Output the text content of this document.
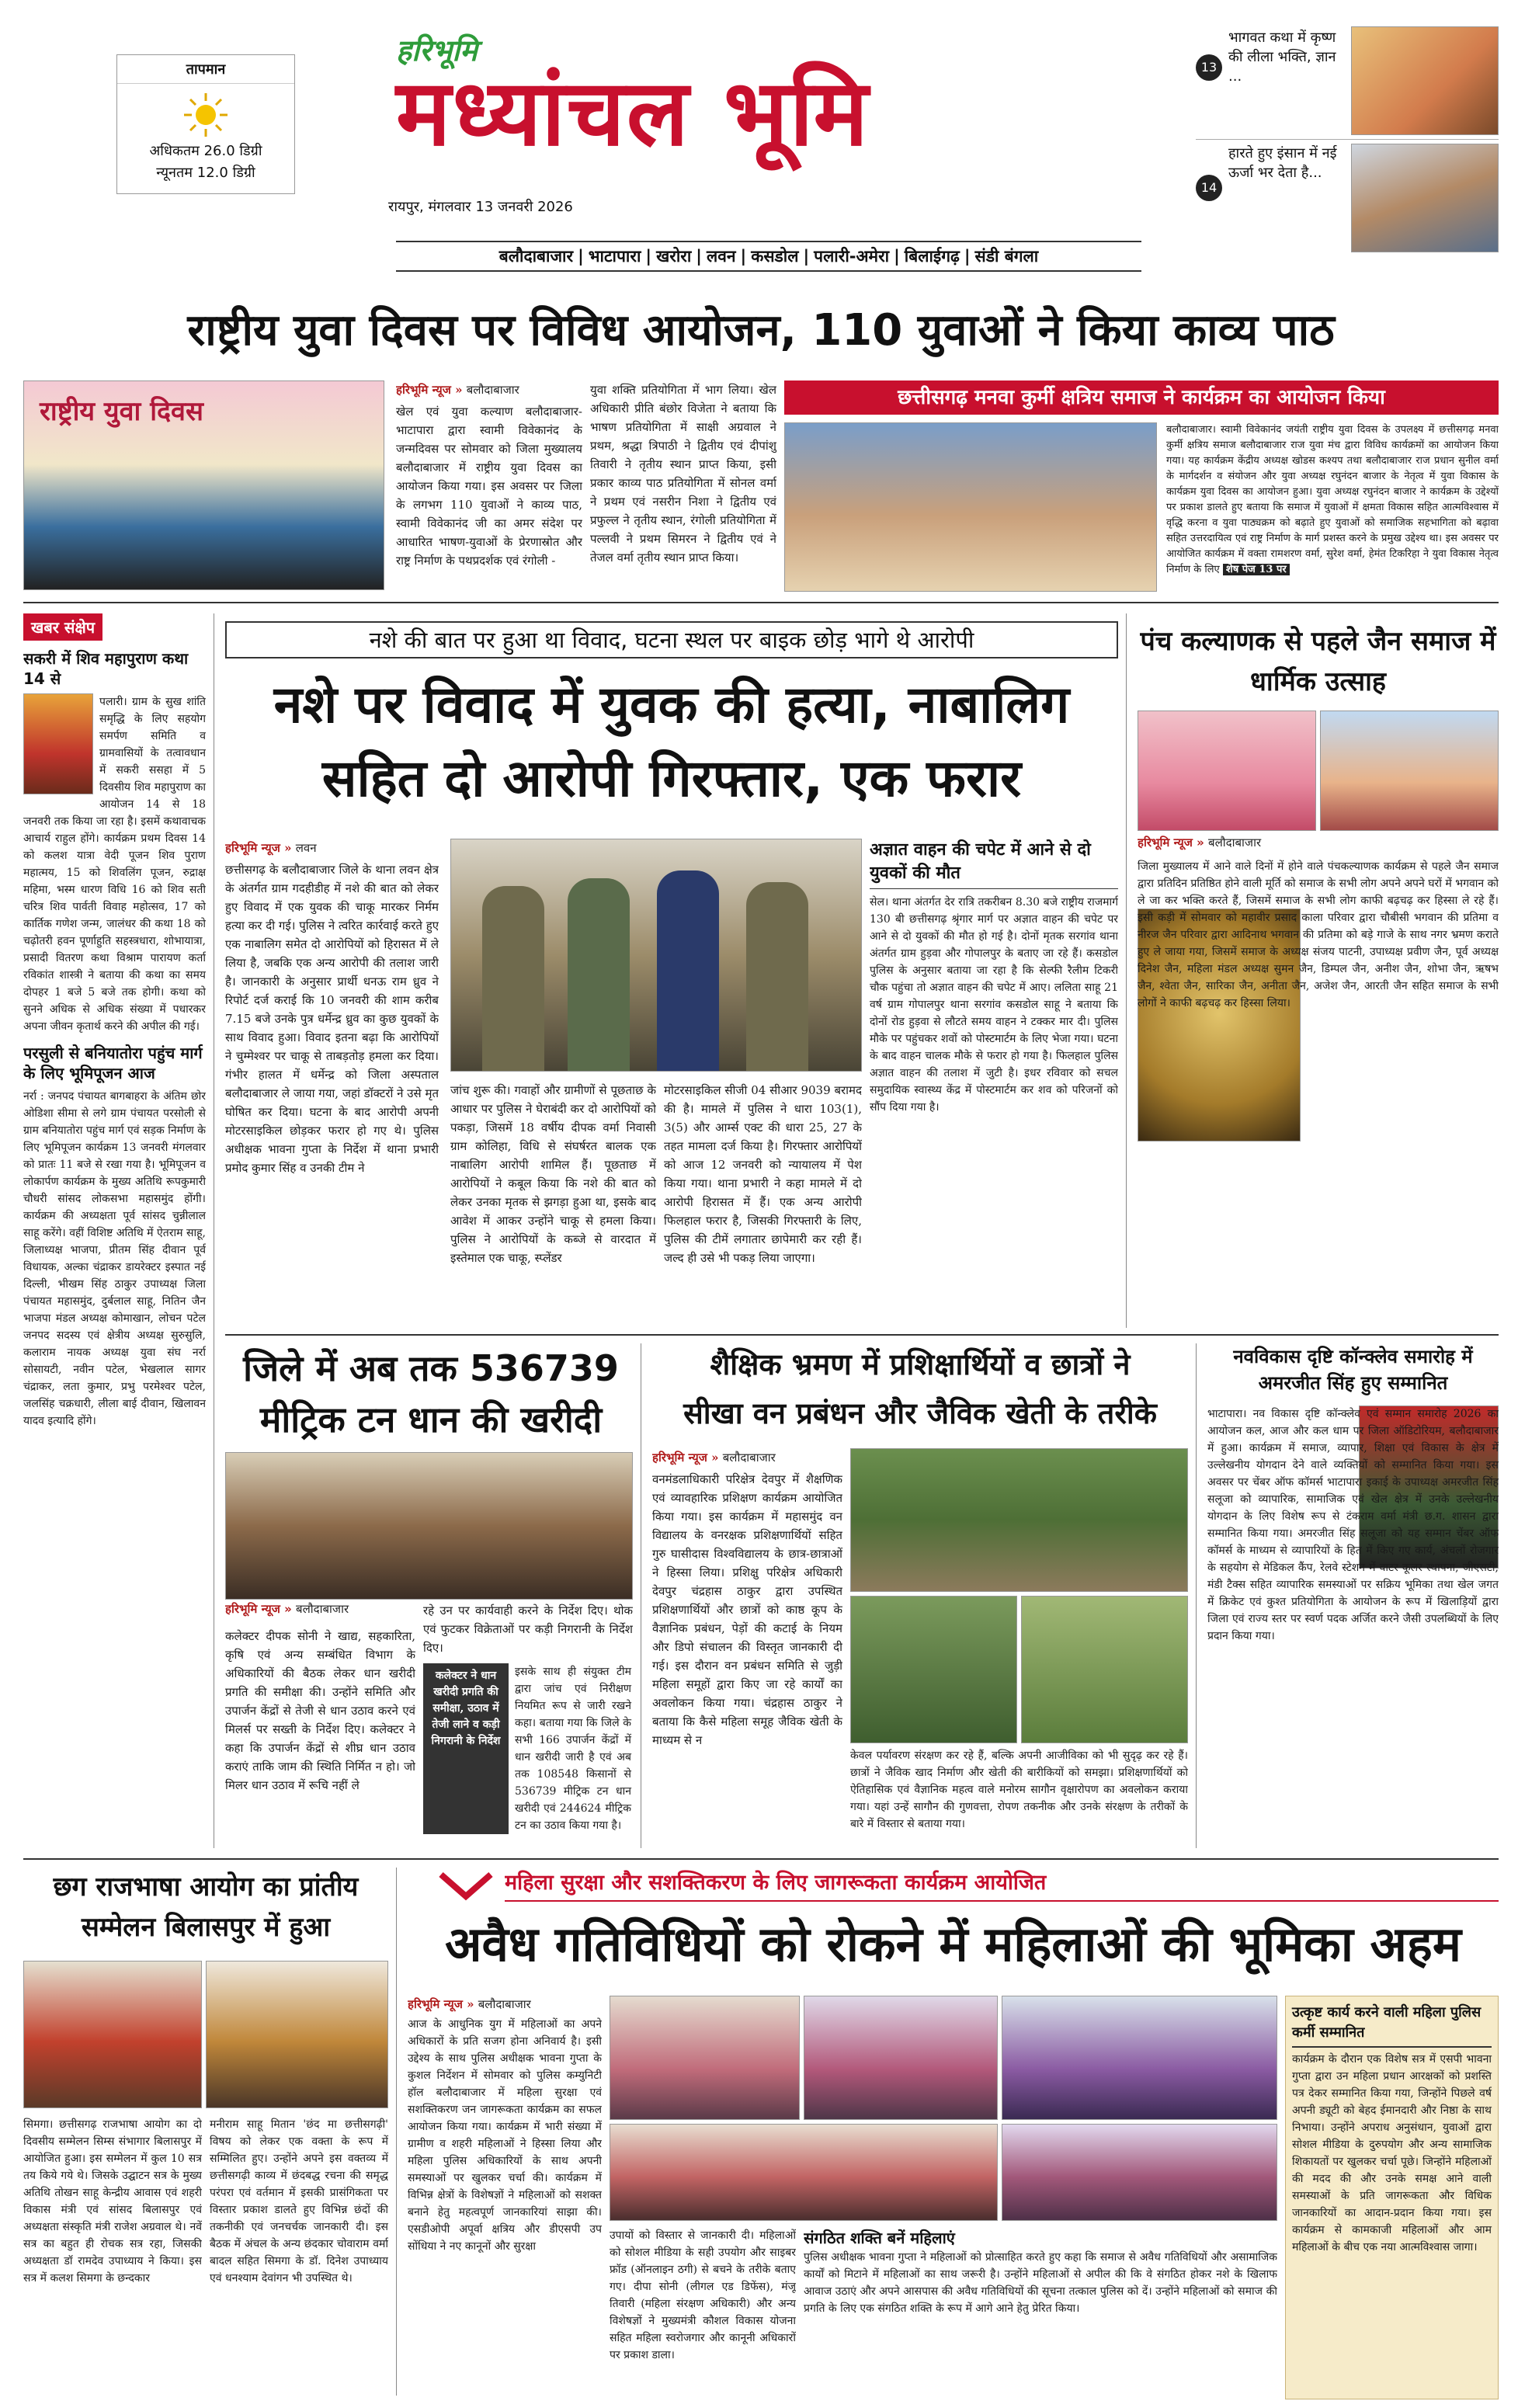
तापमान
अधिकतम 26.0 डिग्री
न्यूनतम 12.0 डिग्री
हरिभूमि
मध्यांचल भूमि
रायपुर, मंगलवार 13 जनवरी 2026
13
भागवत कथा में कृष्ण की लीला भक्ति, ज्ञान ...
14
हारते हुए इंसान में नई ऊर्जा भर देता है...
बलौदाबाजार | भाटापारा | खरोरा | लवन | कसडोल | पलारी-अमेरा | बिलाईगढ़ | संडी बंगला
राष्ट्रीय युवा दिवस पर विविध आयोजन, 110 युवाओं ने किया काव्य पाठ
राष्ट्रीय युवा दिवस
हरिभूमि न्यूज » बलौदाबाजार
खेल एवं युवा कल्याण बलौदाबाजार-भाटापारा द्वारा स्वामी विवेकानंद के जन्मदिवस पर सोमवार को जिला मुख्यालय बलौदाबाजार में राष्ट्रीय युवा दिवस का आयोजन किया गया। इस अवसर पर जिला के लगभग 110 युवाओं ने काव्य पाठ, स्वामी विवेकानंद जी का अमर संदेश पर आधारित भाषण-युवाओं के प्रेरणास्रोत और राष्ट्र निर्माण के पथप्रदर्शक एवं रंगोली -
युवा शक्ति प्रतियोगिता में भाग लिया। खेल अधिकारी प्रीति बंछोर विजेता ने बताया कि भाषण प्रतियोगिता में साक्षी अग्रवाल ने प्रथम, श्रद्धा त्रिपाठी ने द्वितीय एवं दीपांशु तिवारी ने तृतीय स्थान प्राप्त किया, इसी प्रकार काव्य पाठ प्रतियोगिता में सोनल वर्मा ने प्रथम एवं नसरीन निशा ने द्वितीय एवं प्रफुल्ल ने तृतीय स्थान, रंगोली प्रतियोगिता में पल्लवी ने प्रथम सिमरन ने द्वितीय एवं ने तेजल वर्मा तृतीय स्थान प्राप्त किया।
छत्तीसगढ़ मनवा कुर्मी क्षत्रिय समाज ने कार्यक्रम का आयोजन किया
बलौदाबाजार। स्वामी विवेकानंद जयंती राष्ट्रीय युवा दिवस के उपलक्ष्य में छत्तीसगढ़ मनवा कुर्मी क्षत्रिय समाज बलौदाबाजार राज युवा मंच द्वारा विविध कार्यक्रमों का आयोजन किया गया। यह कार्यक्रम केंद्रीय अध्यक्ष खोडस कश्यप तथा बलौदाबाजार राज प्रधान सुनील वर्मा के मार्गदर्शन व संयोजन और युवा अध्यक्ष रघुनंदन बाजार के नेतृत्व में युवा विकास के कार्यक्रम युवा दिवस का आयोजन हुआ। युवा अध्यक्ष रघुनंदन बाजार ने कार्यक्रम के उद्देश्यों पर प्रकाश डालते हुए बताया कि समाज में युवाओं में क्षमता विकास सहित आत्मविश्वास में वृद्धि करना व युवा पाठ्यक्रम को बढ़ाते हुए युवाओं को समाजिक सहभागिता को बढ़ावा सहित उत्तरदायित्व एवं राष्ट्र निर्माण के मार्ग प्रशस्त करने के प्रमुख उद्देश्य था। इस अवसर पर आयोजित कार्यक्रम में वक्ता रामशरण वर्मा, सुरेश वर्मा, हेमंत टिकरिहा ने युवा विकास नेतृत्व निर्माण के लिए शेष पेज 13 पर
खबर संक्षेप
सकरी में शिव महापुराण कथा 14 से
पलारी। ग्राम के सुख शांति समृद्धि के लिए सहयोग समर्पण समिति व ग्रामवासियों के तत्वावधान में सकरी ससहा में 5 दिवसीय शिव महापुराण का आयोजन 14 से 18 जनवरी तक किया जा रहा है। इसमें कथावाचक आचार्य राहुल होंगे। कार्यक्रम प्रथम दिवस 14 को कलश यात्रा वेदी पूजन शिव पुराण महात्मय, 15 को शिवलिंग पूजन, रुद्राक्ष महिमा, भस्म धारण विधि 16 को शिव सती चरित्र शिव पार्वती विवाह महोत्सव, 17 को कार्तिक गणेश जन्म, जालंधर की कथा 18 को चढ़ोतरी हवन पूर्णाहुति सहस्त्रधारा, शोभायात्रा, प्रसादी वितरण कथा विश्राम पारायण कर्ता रविकांत शास्त्री ने बताया की कथा का समय दोपहर 1 बजे 5 बजे तक होगी। कथा को सुनने अधिक से अधिक संख्या में पधारकर अपना जीवन कृतार्थ करने की अपील की गई।
परसुली से बनियातोरा पहुंच मार्ग के लिए भूमिपूजन आज
नर्रा : जनपद पंचायत बागबाहरा के अंतिम छोर ओडिशा सीमा से लगे ग्राम पंचायत परसोली से ग्राम बनियातोरा पहुंच मार्ग एवं सड़क निर्माण के लिए भूमिपूजन कार्यक्रम 13 जनवरी मंगलवार को प्रातः 11 बजे से रखा गया है। भूमिपूजन व लोकार्पण कार्यक्रम के मुख्य अतिथि रूपकुमारी चौधरी सांसद लोकसभा महासमुंद होंगी। कार्यक्रम की अध्यक्षता पूर्व सांसद चुन्नीलाल साहू करेंगे। वहीं विशिष्ट अतिथि में ऐतराम साहू, जिलाध्यक्ष भाजपा, प्रीतम सिंह दीवान पूर्व विधायक, अल्का चंद्राकर डायरेक्टर इस्पात नई दिल्ली, भीखम सिंह ठाकुर उपाध्यक्ष जिला पंचायत महासमुंद, दुर्बलाल साहू, नितिन जैन भाजपा मंडल अध्यक्ष कोमाखान, लोचन पटेल जनपद सदस्य एवं क्षेत्रीय अध्यक्ष सुरुसुलि, कलाराम नायक अध्यक्ष युवा संघ नर्रा सोसायटी, नवीन पटेल, भेखलाल सागर चंद्राकर, लता कुमार, प्रभु परमेश्वर पटेल, जलसिंह चक्रधारी, लीला बाई दीवान, खिलावन यादव इत्यादि होंगे।
नशे की बात पर हुआ था विवाद, घटना स्थल पर बाइक छोड़ भागे थे आरोपी
नशे पर विवाद में युवक की हत्या, नाबालिग
सहित दो आरोपी गिरफ्तार, एक फरार
हरिभूमि न्यूज » लवन
छत्तीसगढ़ के बलौदाबाजार जिले के थाना लवन क्षेत्र के अंतर्गत ग्राम गदहीडीह में नशे की बात को लेकर हुए विवाद में एक युवक की चाकू मारकर निर्मम हत्या कर दी गई। पुलिस ने त्वरित कार्रवाई करते हुए एक नाबालिग समेत दो आरोपियों को हिरासत में ले लिया है, जबकि एक अन्य आरोपी की तलाश जारी है। जानकारी के अनुसार प्रार्थी धनऊ राम ध्रुव ने रिपोर्ट दर्ज कराई कि 10 जनवरी की शाम करीब 7.15 बजे उनके पुत्र धर्मेन्द्र ध्रुव का कुछ युवकों के साथ विवाद हुआ। विवाद इतना बढ़ा कि आरोपियों ने चुम्मेश्वर पर चाकू से ताबड़तोड़ हमला कर दिया। गंभीर हालत में धर्मेन्द्र को जिला अस्पताल बलौदाबाजार ले जाया गया, जहां डॉक्टरों ने उसे मृत घोषित कर दिया। घटना के बाद आरोपी अपनी मोटरसाइकिल छोड़कर फरार हो गए थे। पुलिस अधीक्षक भावना गुप्ता के निर्देश में थाना प्रभारी प्रमोद कुमार सिंह व उनकी टीम ने
जांच शुरू की। गवाहों और ग्रामीणों से पूछताछ के आधार पर पुलिस ने घेराबंदी कर दो आरोपियों को पकड़ा, जिसमें 18 वर्षीय दीपक वर्मा निवासी ग्राम कोलिहा, विधि से संघर्षरत बालक एक नाबालिग आरोपी शामिल हैं। पूछताछ में आरोपियों ने कबूल किया कि नशे की बात को लेकर उनका मृतक से झगड़ा हुआ था, इसके बाद आवेश में आकर उन्होंने चाकू से हमला किया। पुलिस ने आरोपियों के कब्जे से वारदात में इस्तेमाल एक चाकू, स्प्लेंडर
मोटरसाइकिल सीजी 04 सीआर 9039 बरामद की है। मामले में पुलिस ने धारा 103(1), 3(5) और आर्म्स एक्ट की धारा 25, 27 के तहत मामला दर्ज किया है। गिरफ्तार आरोपियों को आज 12 जनवरी को न्यायालय में पेश किया गया। थाना प्रभारी ने कहा मामले में दो आरोपी हिरासत में हैं। एक अन्य आरोपी फिलहाल फरार है, जिसकी गिरफ्तारी के लिए, पुलिस की टीमें लगातार छापेमारी कर रही हैं। जल्द ही उसे भी पकड़ लिया जाएगा।
अज्ञात वाहन की चपेट में आने से दो युवकों की मौत
सेल। थाना अंतर्गत देर रात्रि तकरीबन 8.30 बजे राष्ट्रीय राजमार्ग 130 बी छत्तीसगढ़ श्रृंगार मार्ग पर अज्ञात वाहन की चपेट पर आने से दो युवकों की मौत हो गई है। दोनों मृतक सरगांव थाना अंतर्गत ग्राम हुड़वा और गोपालपुर के बताए जा रहे हैं। कसडोल पुलिस के अनुसार बताया जा रहा है कि सेल्फी रैलीम टिकरी चौक पहुंचा तो अज्ञात वाहन की चपेट में आए। ललिता साहू 21 वर्ष ग्राम गोपालपुर थाना सरगांव कसडोल साहू ने बताया कि दोनों रोड हुड़वा से लौटते समय वाहन ने टक्कर मार दी। पुलिस मौके पर पहुंचकर शवों को पोस्टमार्टम के लिए भेजा गया। घटना के बाद वाहन चालक मौके से फरार हो गया है। फिलहाल पुलिस अज्ञात वाहन की तलाश में जुटी है। इधर रविवार को सचल समुदायिक स्वास्थ्य केंद्र में पोस्टमार्टम कर शव को परिजनों को सौंप दिया गया है।
पंच कल्याणक से पहले जैन समाज में धार्मिक उत्साह
हरिभूमि न्यूज » बलौदाबाजार
जिला मुख्यालय में आने वाले दिनों में होने वाले पंचकल्याणक कार्यक्रम से पहले जैन समाज द्वारा प्रतिदिन प्रतिष्ठित होने वाली मूर्ति को समाज के सभी लोग अपने अपने घरों में भगवान को ले जा कर भक्ति करते हैं, जिसमें समाज के सभी लोग काफी बढ़चढ़ कर हिस्सा ले रहे हैं। इसी कड़ी में सोमवार को महावीर प्रसाद काला परिवार द्वारा चौबीसी भगवान की प्रतिमा व नीरज जैन परिवार द्वारा आदिनाथ भगवान की प्रतिमा को बड़े गाजे के साथ नगर भ्रमण कराते हुए ले जाया गया, जिसमें समाज के अध्यक्ष संजय पाटनी, उपाध्यक्ष प्रवीण जैन, पूर्व अध्यक्ष दिनेश जैन, महिला मंडल अध्यक्ष सुमन जैन, डिम्पल जैन, अनीश जैन, शोभा जैन, ऋषभ जैन, श्वेता जैन, सारिका जैन, अनीता जैन, अजेश जैन, आरती जैन सहित समाज के सभी लोगों ने काफी बढ़चढ़ कर हिस्सा लिया।
जिले में अब तक 536739
मीट्रिक टन धान की खरीदी
हरिभूमि न्यूज » बलौदाबाजार
कलेक्टर दीपक सोनी ने खाद्य, सहकारिता, कृषि एवं अन्य सम्बंधित विभाग के अधिकारियों की बैठक लेकर धान खरीदी प्रगति की समीक्षा की। उन्होंने समिति और उपार्जन केंद्रों से तेजी से धान उठाव करने एवं मिलर्स पर सख्ती के निर्देश दिए। कलेक्टर ने कहा कि उपार्जन केंद्रों से शीघ्र धान उठाव कराएं ताकि जाम की स्थिति निर्मित न हो। जो मिलर धान उठाव में रूचि नहीं ले
रहे उन पर कार्यवाही करने के निर्देश दिए। थोक एवं फुटकर विक्रेताओं पर कड़ी निगरानी के निर्देश दिए।
कलेक्टर ने धान खरीदी प्रगति की समीक्षा, उठाव में तेजी लाने व कड़ी निगरानी के निर्देश
इसके साथ ही संयुक्त टीम द्वारा जांच एवं निरीक्षण नियमित रूप से जारी रखने कहा। बताया गया कि जिले के सभी 166 उपार्जन केंद्रों में धान खरीदी जारी है एवं अब तक 108548 किसानों से 536739 मीट्रिक टन धान खरीदी एवं 244624 मीट्रिक टन का उठाव किया गया है।
शैक्षिक भ्रमण में प्रशिक्षार्थियों व छात्रों ने
सीखा वन प्रबंधन और जैविक खेती के तरीके
हरिभूमि न्यूज » बलौदाबाजार
वनमंडलाधिकारी परिक्षेत्र देवपुर में शैक्षणिक एवं व्यावहारिक प्रशिक्षण कार्यक्रम आयोजित किया गया। इस कार्यक्रम में महासमुंद वन विद्यालय के वनरक्षक प्रशिक्षणार्थियों सहित गुरु घासीदास विश्वविद्यालय के छात्र-छात्राओं ने हिस्सा लिया। प्रशिक्षु परिक्षेत्र अधिकारी देवपुर चंद्रहास ठाकुर द्वारा उपस्थित प्रशिक्षणार्थियों और छात्रों को काष्ठ कूप के वैज्ञानिक प्रबंधन, पेड़ों की कटाई के नियम और डिपो संचालन की विस्तृत जानकारी दी गई। इस दौरान वन प्रबंधन समिति से जुड़ी महिला समूहों द्वारा किए जा रहे कार्यों का अवलोकन किया गया। चंद्रहास ठाकुर ने बताया कि कैसे महिला समूह जैविक खेती के माध्यम से न
केवल पर्यावरण संरक्षण कर रहे हैं, बल्कि अपनी आजीविका को भी सुदृढ़ कर रहे हैं। छात्रों ने जैविक खाद निर्माण और खेती की बारीकियों को समझा। प्रशिक्षणार्थियों को ऐतिहासिक एवं वैज्ञानिक महत्व वाले मनोरम सागौन वृक्षारोपण का अवलोकन कराया गया। यहां उन्हें सागौन की गुणवत्ता, रोपण तकनीक और उनके संरक्षण के तरीकों के बारे में विस्तार से बताया गया।
नवविकास दृष्टि कॉन्क्लेव समारोह में अमरजीत सिंह हुए सम्मानित
भाटापारा। नव विकास दृष्टि कॉन्क्लेव एवं सम्मान समारोह 2026 का आयोजन कल, आज और कल धाम पर जिला ऑडिटोरियम, बलौदाबाजार में हुआ। कार्यक्रम में समाज, व्यापार, शिक्षा एवं विकास के क्षेत्र में उल्लेखनीय योगदान देने वाले व्यक्तियों को सम्मानित किया गया। इस अवसर पर चेंबर ऑफ कॉमर्स भाटापारा इकाई के उपाध्यक्ष अमरजीत सिंह सलूजा को व्यापारिक, सामाजिक एवं खेल क्षेत्र में उनके उल्लेखनीय योगदान के लिए विशेष रूप से टंकराम वर्मा मंत्री छ.ग. शासन द्वारा सम्मानित किया गया। अमरजीत सिंह सलूजा को यह सम्मान चेंबर ऑफ कॉमर्स के माध्यम से व्यापारियों के हित में किए गए कार्य, अंचलों रोजगार के सहयोग से मेडिकल कैंप, रेलवे स्टेशन में वाटर कूलर स्थापना, जीएसटी, मंडी टैक्स सहित व्यापारिक समस्याओं पर सक्रिय भूमिका तथा खेल जगत में क्रिकेट एवं कुश्त प्रतियोगिता के आयोजन के रूप में खिलाड़ियों द्वारा जिला एवं राज्य स्तर पर स्वर्ण पदक अर्जित करने जैसी उपलब्धियों के लिए प्रदान किया गया।
छग राजभाषा आयोग का प्रांतीय
सम्मेलन बिलासपुर में हुआ
सिमगा। छत्तीसगढ़ राजभाषा आयोग का दो दिवसीय सम्मेलन सिम्स संभागार बिलासपुर में आयोजित हुआ। इस सम्मेलन में कुल 10 सत्र तय किये गये थे। जिसके उद्घाटन सत्र के मुख्य अतिथि तोखन साहू केन्द्रीय आवास एवं शहरी विकास मंत्री एवं सांसद बिलासपुर एवं अध्यक्षता संस्कृति मंत्री राजेश अग्रवाल थे। नवें सत्र का बहुत ही रोचक सत्र रहा, जिसकी अध्यक्षता डॉ रामदेव उपाध्याय ने किया। इस सत्र में कलश सिमगा के छन्दकार
मनीराम साहू मितान 'छंद मा छत्तीसगढ़ी' विषय को लेकर एक वक्ता के रूप में सम्मिलित हुए। उन्होंने अपने इस वक्तव्य में छत्तीसगढ़ी काव्य में छंदबद्ध रचना की समृद्ध परंपरा एवं वर्तमान में इसकी प्रासंगिकता पर विस्तार प्रकाश डालते हुए विभिन्न छंदों की तकनीकी एवं जनचर्चक जानकारी दी। इस बैठक में अंचल के अन्य छंदकार चोवाराम वर्मा बादल सहित सिमगा के डॉ. दिनेश उपाध्याय एवं धनश्याम देवांगन भी उपस्थित थे।
महिला सुरक्षा और सशक्तिकरण के लिए जागरूकता कार्यक्रम आयोजित
अवैध गतिविधियों को रोकने में महिलाओं की भूमिका अहम
हरिभूमि न्यूज » बलौदाबाजार
आज के आधुनिक युग में महिलाओं का अपने अधिकारों के प्रति सजग होना अनिवार्य है। इसी उद्देश्य के साथ पुलिस अधीक्षक भावना गुप्ता के कुशल निर्देशन में सोमवार को पुलिस कम्युनिटी हॉल बलौदाबाजार में महिला सुरक्षा एवं सशक्तिकरण जन जागरूकता कार्यक्रम का सफल आयोजन किया गया। कार्यक्रम में भारी संख्या में ग्रामीण व शहरी महिलाओं ने हिस्सा लिया और महिला पुलिस अधिकारियों के साथ अपनी समस्याओं पर खुलकर चर्चा की। कार्यक्रम में विभिन्न क्षेत्रों के विशेषज्ञों ने महिलाओं को सशक्त बनाने हेतु महत्वपूर्ण जानकारियां साझा की। एसडीओपी अपूर्वा क्षत्रिय और डीएसपी उप सोंधिया ने नए कानूनों और सुरक्षा
उपायों को विस्तार से जानकारी दी। महिलाओं को सोशल मीडिया के सही उपयोग और साइबर फ्रॉड (ऑनलाइन ठगी) से बचने के तरीके बताए गए। दीपा सोनी (लीगल एड डिफेंस), मंजू तिवारी (महिला संरक्षण अधिकारी) और अन्य विशेषज्ञों ने मुख्यमंत्री कौशल विकास योजना सहित महिला स्वरोजगार और कानूनी अधिकारों पर प्रकाश डाला।
संगठित शक्ति बनें महिलाएं
पुलिस अधीक्षक भावना गुप्ता ने महिलाओं को प्रोत्साहित करते हुए कहा कि समाज से अवैध गतिविधियों और असामाजिक कार्यों को मिटाने में महिलाओं का साथ जरूरी है। उन्होंने महिलाओं से अपील की कि वे संगठित होकर नशे के खिलाफ आवाज उठाएं और अपने आसपास की अवैध गतिविधियों की सूचना तत्काल पुलिस को दें। उन्होंने महिलाओं को समाज की प्रगति के लिए एक संगठित शक्ति के रूप में आगे आने हेतु प्रेरित किया।
उत्कृष्ट कार्य करने वाली महिला पुलिस कर्मी सम्मानित
कार्यक्रम के दौरान एक विशेष सत्र में एसपी भावना गुप्ता द्वारा उन महिला प्रधान आरक्षकों को प्रशस्ति पत्र देकर सम्मानित किया गया, जिन्होंने पिछले वर्ष अपनी ड्यूटी को बेहद ईमानदारी और निष्ठा के साथ निभाया। उन्होंने अपराध अनुसंधान, युवाओं द्वारा सोशल मीडिया के दुरुपयोग और अन्य सामाजिक शिकायतों पर खुलकर चर्चा पूछे। जिन्होंने महिलाओं की मदद की और उनके समक्ष आने वाली समस्याओं के प्रति जागरूकता और विधिक जानकारियों का आदान-प्रदान किया गया। इस कार्यक्रम से कामकाजी महिलाओं और आम महिलाओं के बीच एक नया आत्मविश्वास जागा।
